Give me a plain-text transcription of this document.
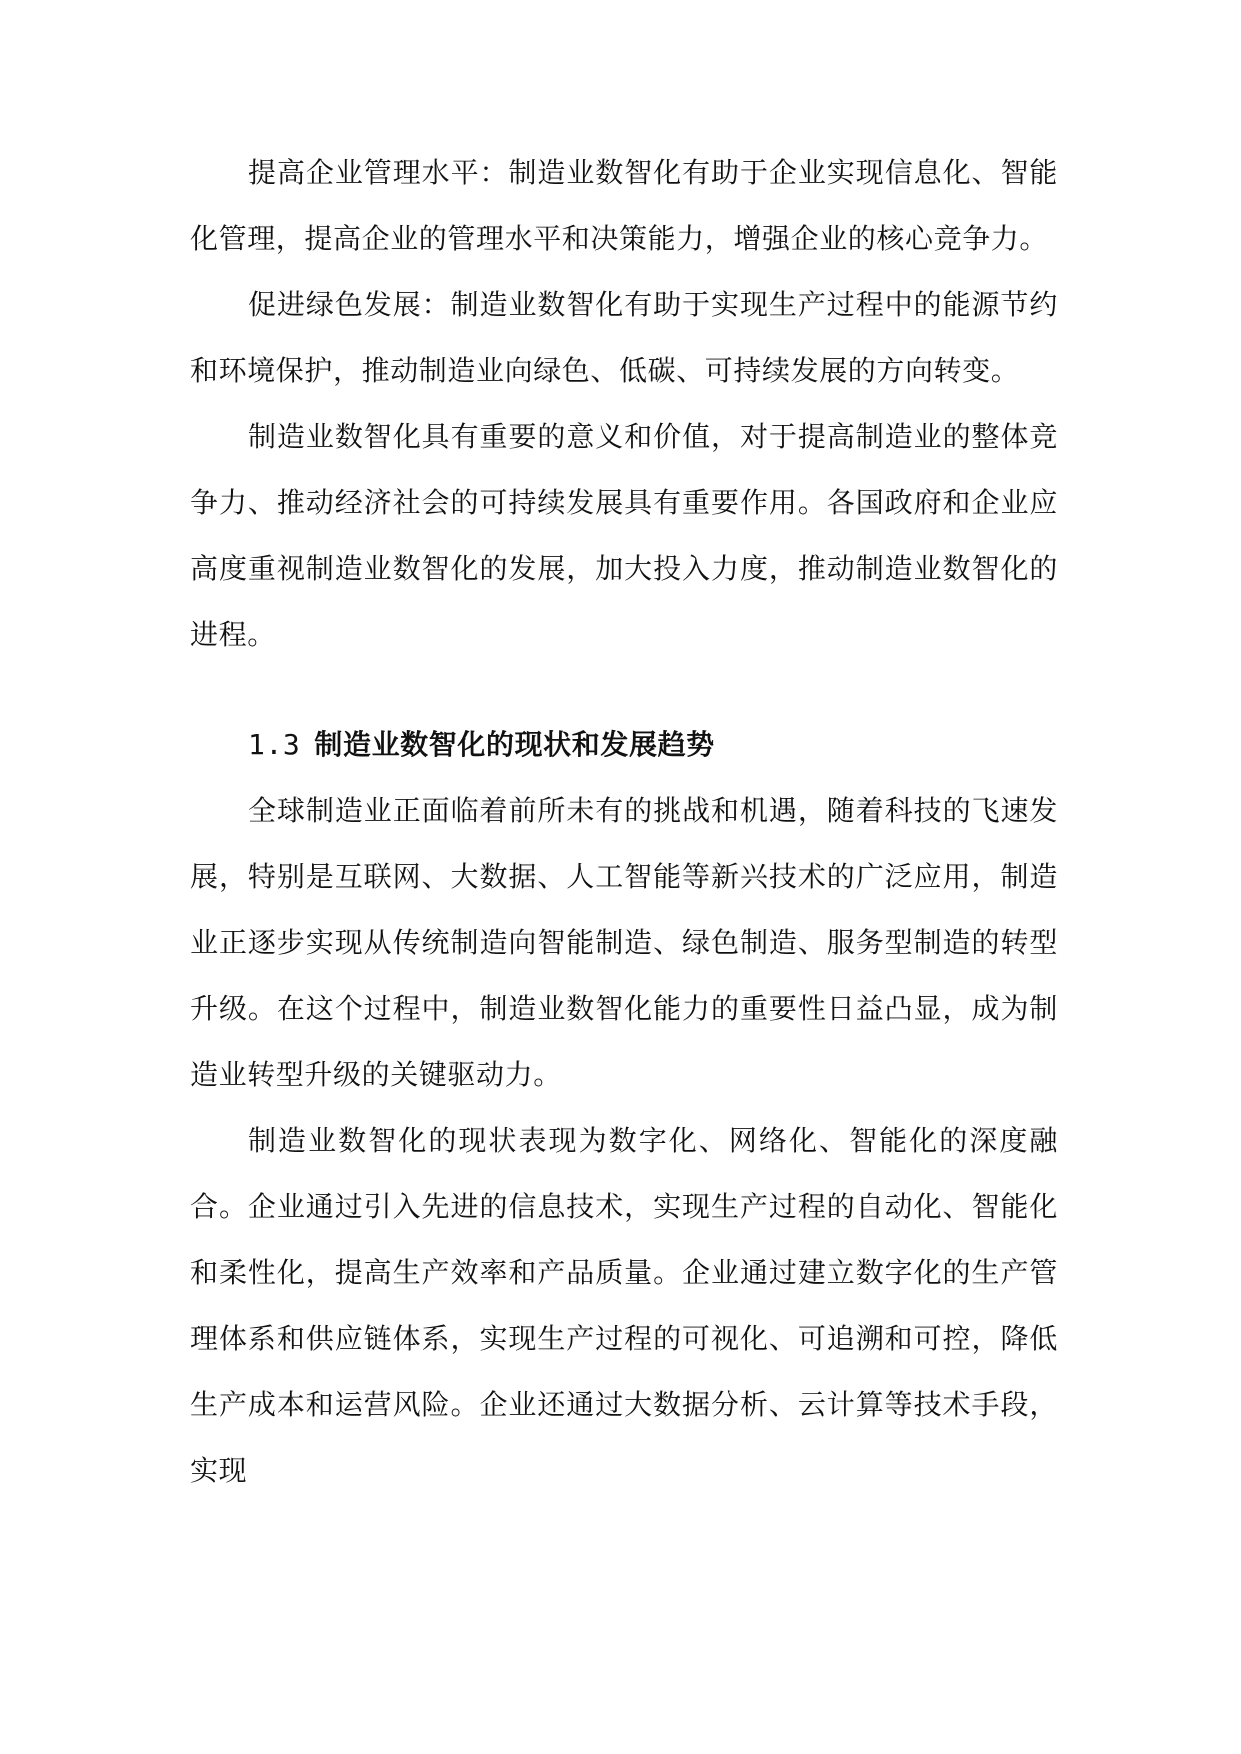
提高企业管理水平：制造业数智化有助于企业实现信息化、智能化管理，提高企业的管理水平和决策能力，增强企业的核心竞争力。

促进绿色发展：制造业数智化有助于实现生产过程中的能源节约和环境保护，推动制造业向绿色、低碳、可持续发展的方向转变。

制造业数智化具有重要的意义和价值，对于提高制造业的整体竞争力、推动经济社会的可持续发展具有重要作用。各国政府和企业应高度重视制造业数智化的发展，加大投入力度，推动制造业数智化的进程。

1.3 制造业数智化的现状和发展趋势

全球制造业正面临着前所未有的挑战和机遇，随着科技的飞速发展，特别是互联网、大数据、人工智能等新兴技术的广泛应用，制造业正逐步实现从传统制造向智能制造、绿色制造、服务型制造的转型升级。在这个过程中，制造业数智化能力的重要性日益凸显，成为制造业转型升级的关键驱动力。

制造业数智化的现状表现为数字化、网络化、智能化的深度融合。企业通过引入先进的信息技术，实现生产过程的自动化、智能化和柔性化，提高生产效率和产品质量。企业通过建立数字化的生产管理体系和供应链体系，实现生产过程的可视化、可追溯和可控，降低生产成本和运营风险。企业还通过大数据分析、云计算等技术手段，实现
